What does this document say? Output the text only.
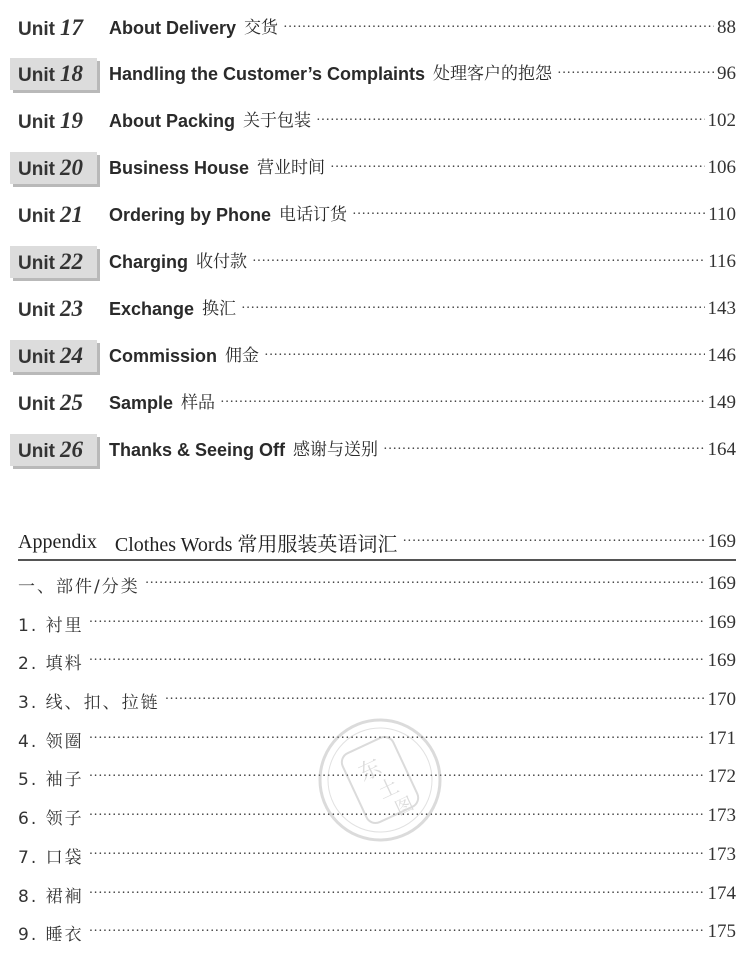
Unit 17	About Delivery 交货 ·····	88
Unit 18	Handling the Customer’s Complaints 处理客户的抱怨 ·····	96
Unit 19	About Packing 关于包装 ·····	102
Unit 20	Business House 营业时间 ·····	106
Unit 21	Ordering by Phone 电话订货 ·····	110
Unit 22	Charging 收付款 ·····	116
Unit 23	Exchange 换汇 ·····	143
Unit 24	Commission 佣金 ·····	146
Unit 25	Sample 样品 ·····	149
Unit 26	Thanks & Seeing Off 感谢与送别 ·····	164
Appendix Clothes Words 常用服装英语词汇 ·····	169
一、部件/分类 ·····	169
1. 衬里 ·····	169
2. 填料 ·····	169
3. 线、扣、拉链 ·····	170
4. 领圈 ·····	171
5. 袖子 ·····	172
6. 领子 ·····	173
7. 口袋 ·····	173
8. 裙裥 ·····	174
9. 睡衣 ·····	175
东
土
图
